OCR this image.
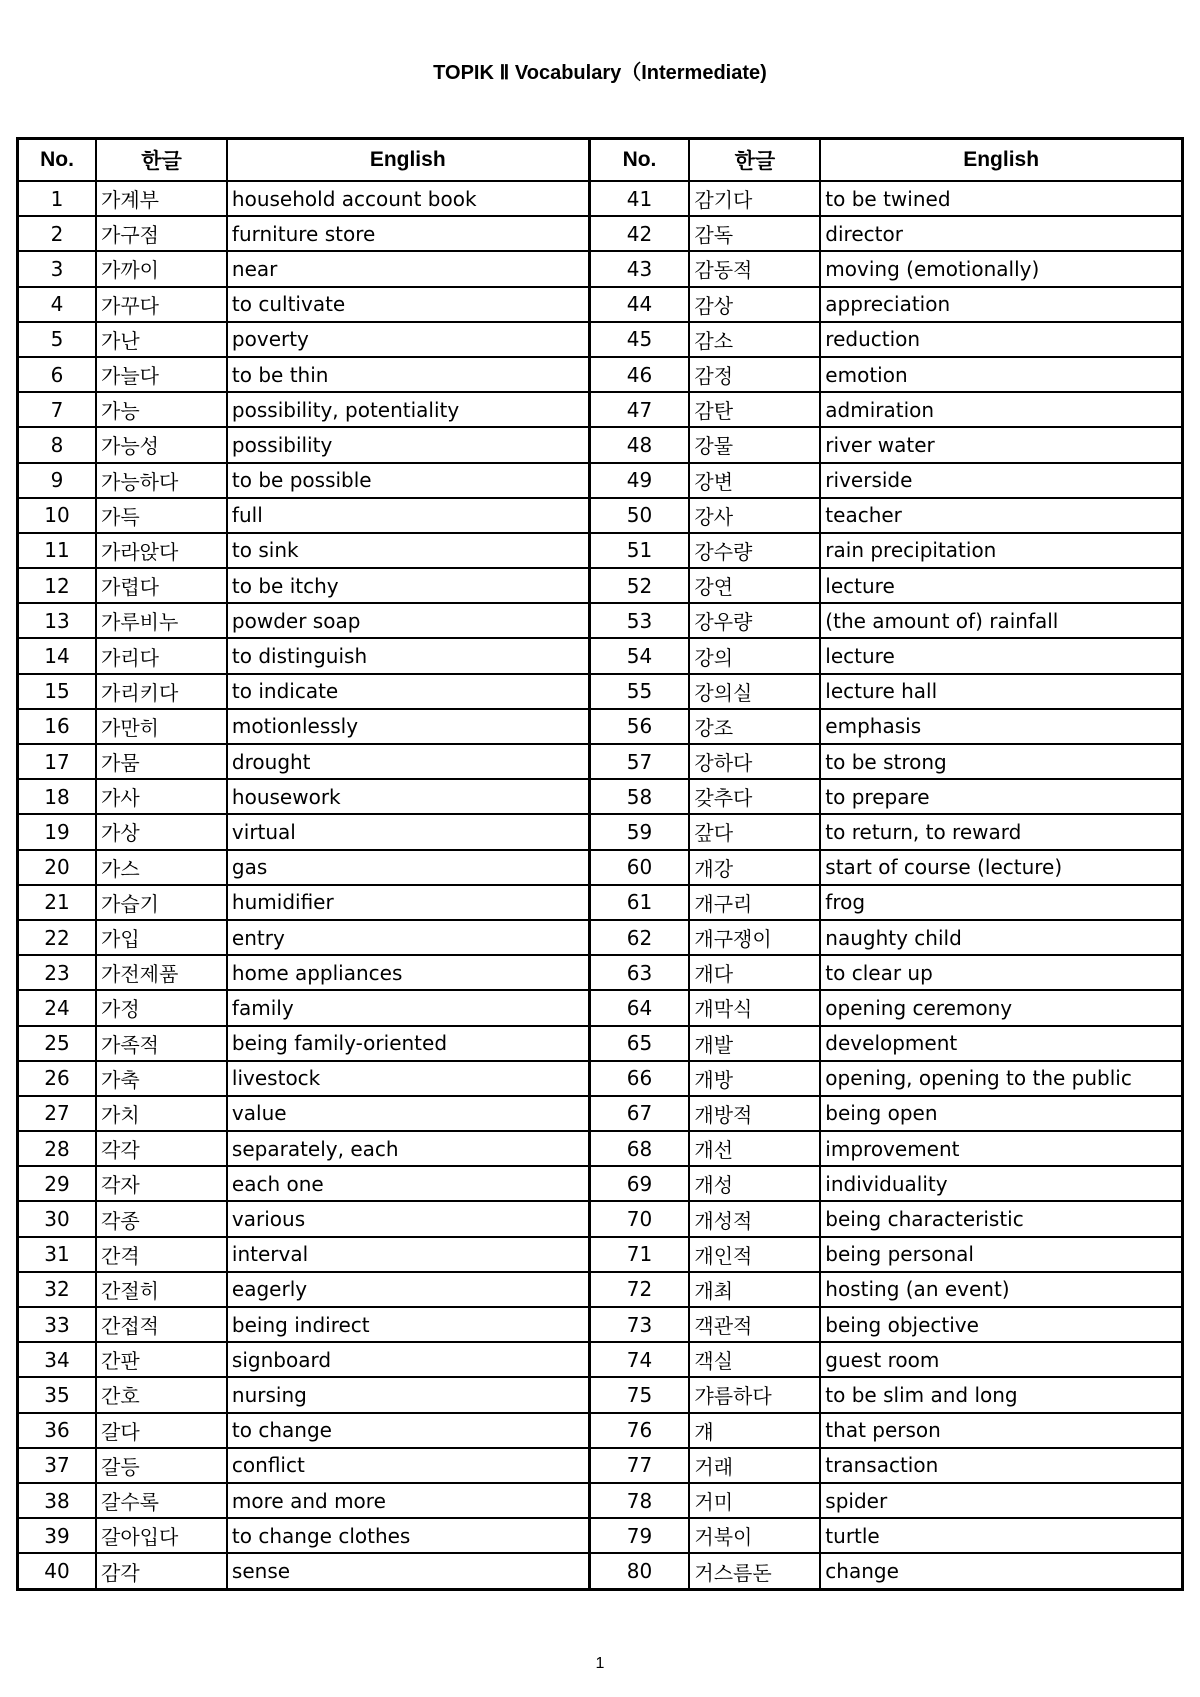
TOPIK Ⅱ Vocabulary（Intermediate)
No.	한글	English	No.	한글	English
1	가계부	household account book	41	감기다	to be twined
2	가구점	furniture store	42	감독	director
3	가까이	near	43	감동적	moving (emotionally)
4	가꾸다	to cultivate	44	감상	appreciation
5	가난	poverty	45	감소	reduction
6	가늘다	to be thin	46	감정	emotion
7	가능	possibility, potentiality	47	감탄	admiration
8	가능성	possibility	48	강물	river water
9	가능하다	to be possible	49	강변	riverside
10	가득	full	50	강사	teacher
11	가라앉다	to sink	51	강수량	rain precipitation
12	가렵다	to be itchy	52	강연	lecture
13	가루비누	powder soap	53	강우량	(the amount of) rainfall
14	가리다	to distinguish	54	강의	lecture
15	가리키다	to indicate	55	강의실	lecture hall
16	가만히	motionlessly	56	강조	emphasis
17	가뭄	drought	57	강하다	to be strong
18	가사	housework	58	갖추다	to prepare
19	가상	virtual	59	갚다	to return, to reward
20	가스	gas	60	개강	start of course (lecture)
21	가습기	humidifier	61	개구리	frog
22	가입	entry	62	개구쟁이	naughty child
23	가전제품	home appliances	63	개다	to clear up
24	가정	family	64	개막식	opening ceremony
25	가족적	being family-oriented	65	개발	development
26	가축	livestock	66	개방	opening, opening to the public
27	가치	value	67	개방적	being open
28	각각	separately, each	68	개선	improvement
29	각자	each one	69	개성	individuality
30	각종	various	70	개성적	being characteristic
31	간격	interval	71	개인적	being personal
32	간절히	eagerly	72	개최	hosting (an event)
33	간접적	being indirect	73	객관적	being objective
34	간판	signboard	74	객실	guest room
35	간호	nursing	75	갸름하다	to be slim and long
36	갈다	to change	76	걔	that person
37	갈등	conflict	77	거래	transaction
38	갈수록	more and more	78	거미	spider
39	갈아입다	to change clothes	79	거북이	turtle
40	감각	sense	80	거스름돈	change
1
